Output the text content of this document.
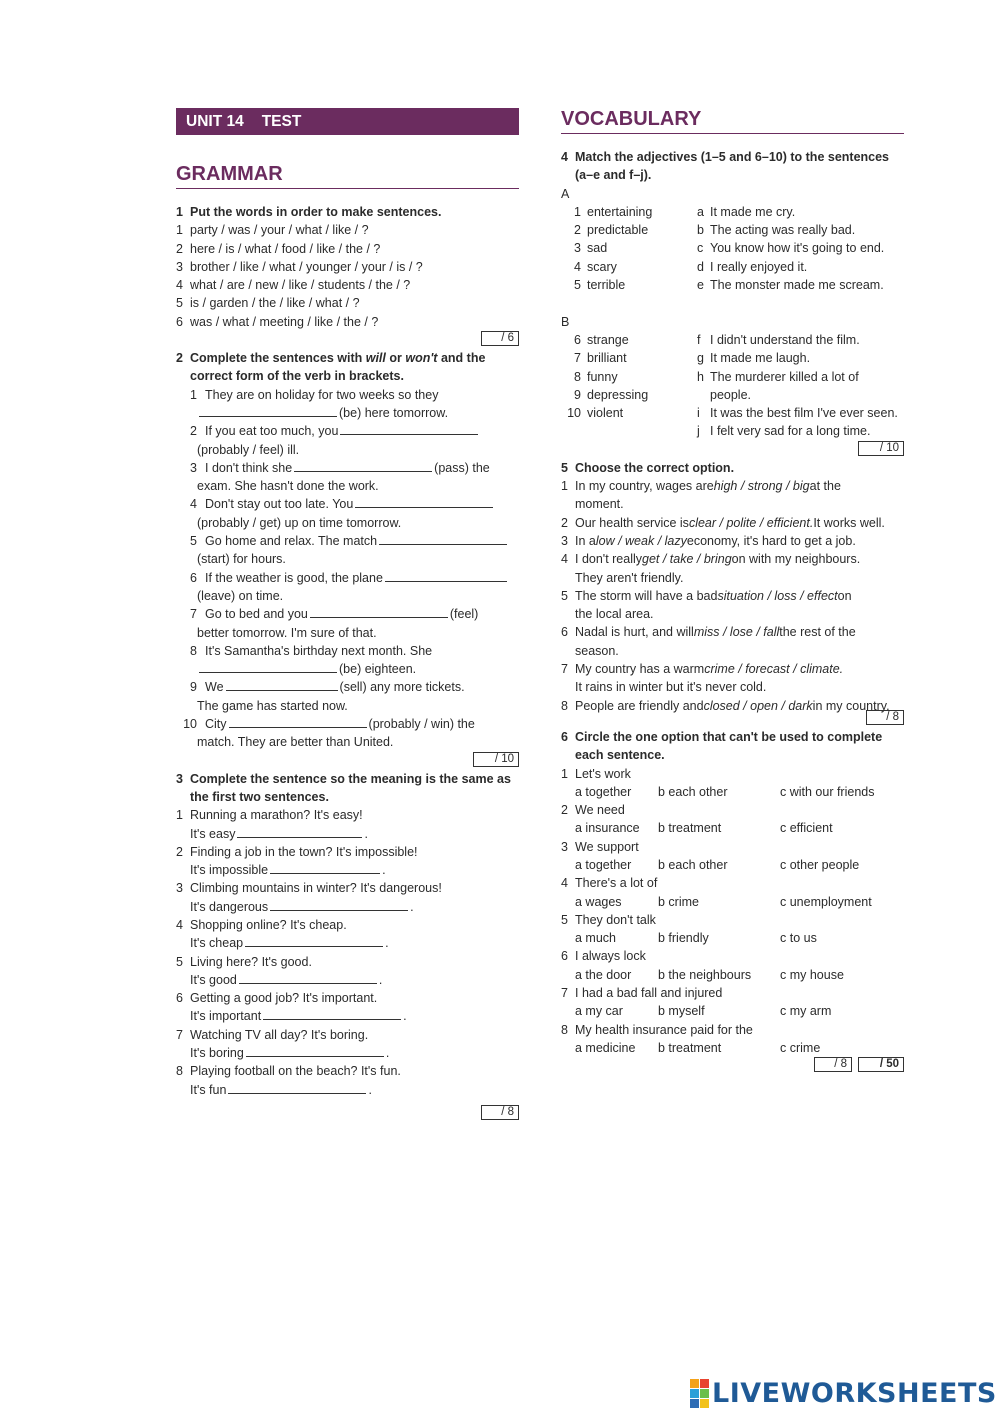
UNIT 14 TEST
GRAMMAR
1 Put the words in order to make sentences.
1 party / was / your / what / like / ?
2 here / is / what / food / like / the / ?
3 brother / like / what / younger / your / is / ?
4 what / are / new / like / students / the / ?
5 is / garden / the / like / what / ?
6 was / what / meeting / like / the / ?
/ 6
2 Complete the sentences with will or won't and the
correct form of the verb in brackets.
1 They are on holiday for two weeks so they
(be) here tomorrow.
2 If you eat too much, you
(probably / feel) ill.
3 I don't think she	(pass) the
exam. She hasn't done the work.
4 Don't stay out too late. You
(probably / get) up on time tomorrow.
5 Go home and relax. The match
(start) for hours.
6 If the weather is good, the plane
(leave) on time.
7 Go to bed and you	(feel)
better tomorrow. I'm sure of that.
8 It's Samantha's birthday next month. She
(be) eighteen.
9 We	(sell) any more tickets.
The game has started now.
10 City	(probably / win) the
match. They are better than United.
/ 10
3 Complete the sentence so the meaning is the same as
the first two sentences.
1 Running a marathon? It's easy!
It's easy	.
2 Finding a job in the town? It's impossible!
It's impossible	.
3 Climbing mountains in winter? It's dangerous!
It's dangerous	.
4 Shopping online? It's cheap.
It's cheap	.
5 Living here? It's good.
It's good	.
6 Getting a good job? It's important.
It's important	.
7 Watching TV all day? It's boring.
It's boring	.
8 Playing football on the beach? It's fun.
It's fun	.
/ 8
VOCABULARY
4 Match the adjectives (1–5 and 6–10) to the sentences
(a–e and f–j).
A
1 entertaining	a It made me cry.
2 predictable	b The acting was really bad.
3 sad	c You know how it's going to end.
4 scary	d I really enjoyed it.
5 terrible	e The monster made me scream.
B
6 strange	f I didn't understand the film.
7 brilliant	g It made me laugh.
8 funny	h The murderer killed a lot of
9 depressing	people.
10 violent	i It was the best film I've ever seen.
j I felt very sad for a long time.
/ 10
5 Choose the correct option.
1 In my country, wages are high / strong / big at the
moment.
2 Our health service is clear / polite / efficient. It works well.
3 In a low / weak / lazy economy, it's hard to get a job.
4 I don't really get / take / bring on with my neighbours.
They aren't friendly.
5 The storm will have a bad situation / loss / effect on
the local area.
6 Nadal is hurt, and will miss / lose / fall the rest of the
season.
7 My country has a warm crime / forecast / climate.
It rains in winter but it's never cold.
8 People are friendly and closed / open / dark in my country.
/ 8
6 Circle the one option that can't be used to complete
each sentence.
1 Let's work
a together	b each other	c with our friends
2 We need
a insurance	b treatment	c efficient
3 We support
a together	b each other	c other people
4 There's a lot of
a wages	b crime	c unemployment
5 They don't talk
a much	b friendly	c to us
6 I always lock
a the door	b the neighbours	c my house
7 I had a bad fall and injured
a my car	b myself	c my arm
8 My health insurance paid for the
a medicine	b treatment	c crime
/ 8	/ 50
LIVEWORKSHEETS
